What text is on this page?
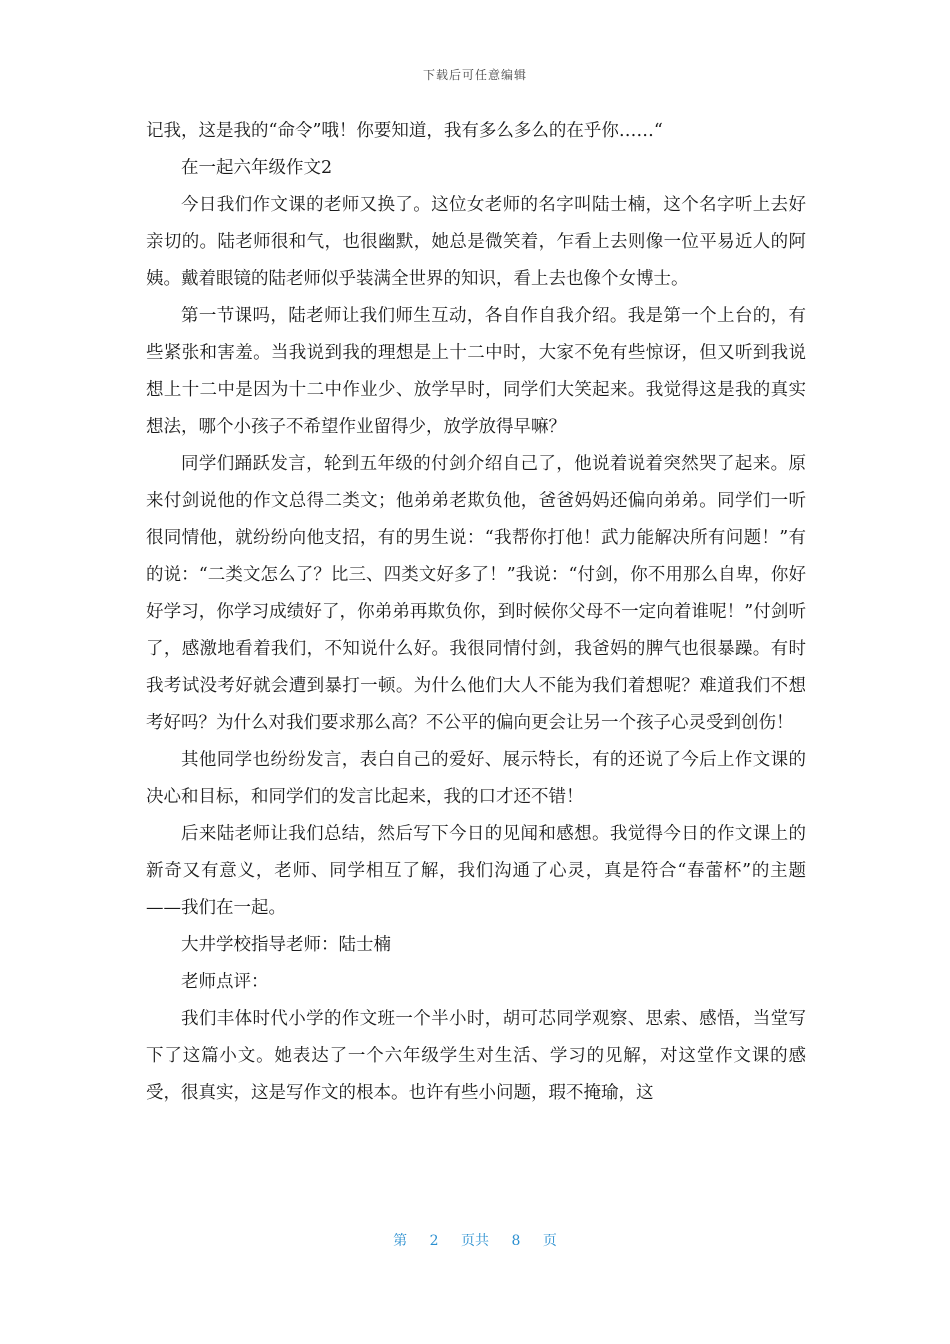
下载后可任意编辑

记我，这是我的“命令”哦！你要知道，我有多么多么的在乎你……“

在一起六年级作文2

今日我们作文课的老师又换了。这位女老师的名字叫陆士楠，这个名字听上去好亲切的。陆老师很和气，也很幽默，她总是微笑着，乍看上去则像一位平易近人的阿姨。戴着眼镜的陆老师似乎装满全世界的知识，看上去也像个女博士。

第一节课吗，陆老师让我们师生互动，各自作自我介绍。我是第一个上台的，有些紧张和害羞。当我说到我的理想是上十二中时，大家不免有些惊讶，但又听到我说想上十二中是因为十二中作业少、放学早时，同学们大笑起来。我觉得这是我的真实想法，哪个小孩子不希望作业留得少，放学放得早嘛？

同学们踊跃发言，轮到五年级的付剑介绍自己了，他说着说着突然哭了起来。原来付剑说他的作文总得二类文；他弟弟老欺负他，爸爸妈妈还偏向弟弟。同学们一听很同情他，就纷纷向他支招，有的男生说：“我帮你打他！武力能解决所有问题！”有的说：“二类文怎么了？比三、四类文好多了！”我说：“付剑，你不用那么自卑，你好好学习，你学习成绩好了，你弟弟再欺负你，到时候你父母不一定向着谁呢！”付剑听了，感激地看着我们，不知说什么好。我很同情付剑，我爸妈的脾气也很暴躁。有时我考试没考好就会遭到暴打一顿。为什么他们大人不能为我们着想呢？难道我们不想考好吗？为什么对我们要求那么高？不公平的偏向更会让另一个孩子心灵受到创伤！

其他同学也纷纷发言，表白自己的爱好、展示特长，有的还说了今后上作文课的决心和目标，和同学们的发言比起来，我的口才还不错！

后来陆老师让我们总结，然后写下今日的见闻和感想。我觉得今日的作文课上的新奇又有意义，老师、同学相互了解，我们沟通了心灵，真是符合“春蕾杯”的主题——我们在一起。

大井学校指导老师：陆士楠

老师点评：

我们丰体时代小学的作文班一个半小时，胡可芯同学观察、思索、感悟，当堂写下了这篇小文。她表达了一个六年级学生对生活、学习的见解，对这堂作文课的感受，很真实，这是写作文的根本。也许有些小问题，瑕不掩瑜，这

第 2 页共 8 页
